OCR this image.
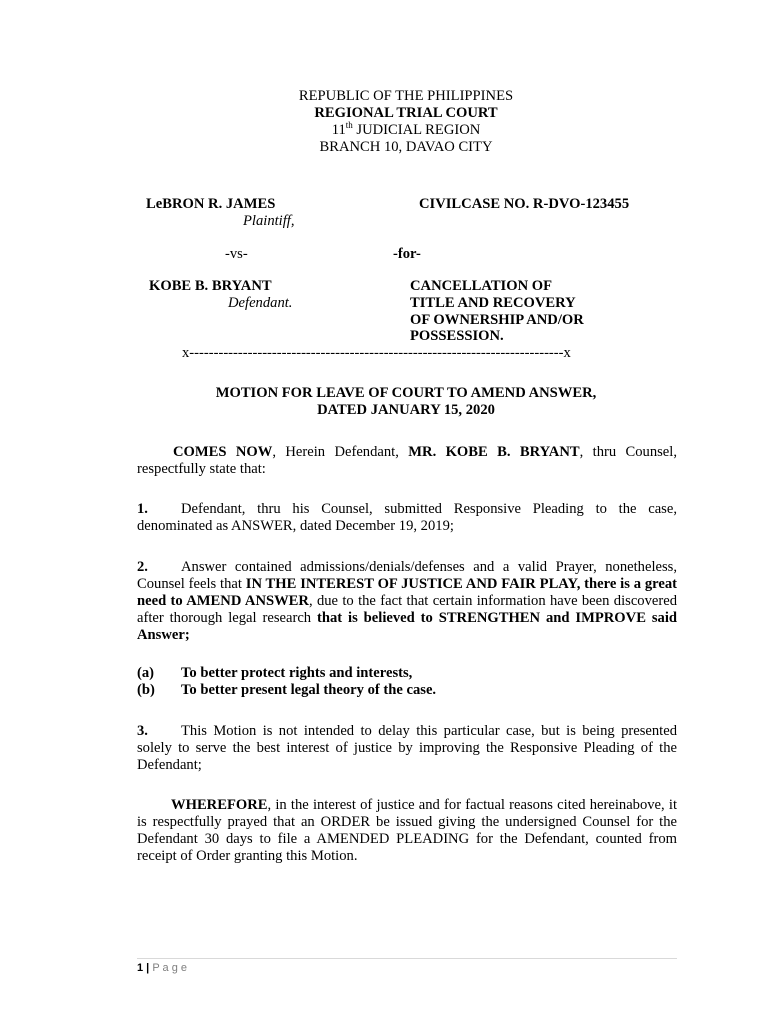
REPUBLIC OF THE PHILIPPINES
REGIONAL TRIAL COURT
11th JUDICIAL REGION
BRANCH 10, DAVAO CITY
LeBRON R. JAMES
Plaintiff,
CIVILCASE NO. R-DVO-123455
-vs-	-for-
KOBE B. BRYANT
Defendant.
CANCELLATION OF
TITLE AND RECOVERY
OF OWNERSHIP AND/OR
POSSESSION.
x-----------------------------------------------------------------------------x
MOTION FOR LEAVE OF COURT TO AMEND ANSWER,
DATED JANUARY 15, 2020

COMES NOW, Herein Defendant, MR. KOBE B. BRYANT, thru Counsel, respectfully state that:

1. Defendant, thru his Counsel, submitted Responsive Pleading to the case, denominated as ANSWER, dated December 19, 2019;

2. Answer contained admissions/denials/defenses and a valid Prayer, nonetheless, Counsel feels that IN THE INTEREST OF JUSTICE AND FAIR PLAY, there is a great need to AMEND ANSWER, due to the fact that certain information have been discovered after thorough legal research that is believed to STRENGTHEN and IMPROVE said Answer;

(a) To better protect rights and interests,
(b) To better present legal theory of the case.

3. This Motion is not intended to delay this particular case, but is being presented solely to serve the best interest of justice by improving the Responsive Pleading of the Defendant;

WHEREFORE, in the interest of justice and for factual reasons cited hereinabove, it is respectfully prayed that an ORDER be issued giving the undersigned Counsel for the Defendant 30 days to file a AMENDED PLEADING for the Defendant, counted from receipt of Order granting this Motion.

1 | P a g e
